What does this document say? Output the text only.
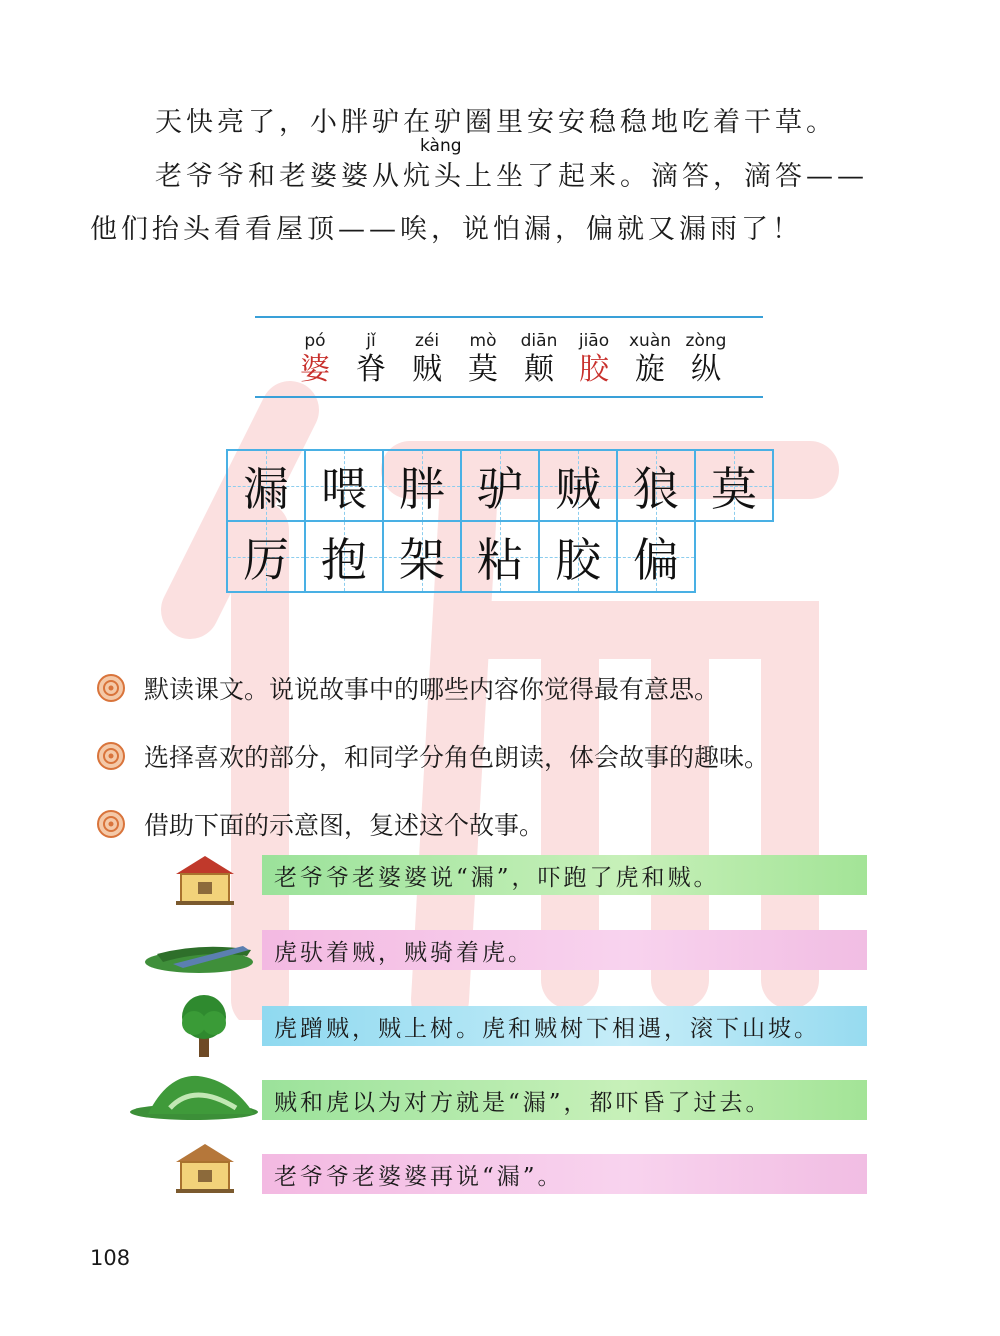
天快亮了，小胖驴在驴圈里安安稳稳地吃着干草。
kàng
老爷爷和老婆婆从炕头上坐了起来。滴答，滴答——
他们抬头看看屋顶——唉，说怕漏，偏就又漏雨了！
pó
婆
jǐ
脊
zéi
贼
mò
莫
diān
颠
jiāo
胶
xuàn
旋
zòng
纵
漏 喂 胖 驴 贼 狼 莫
厉 抱 架 粘 胶 偏
默读课文。说说故事中的哪些内容你觉得最有意思。
选择喜欢的部分，和同学分角色朗读，体会故事的趣味。
借助下面的示意图，复述这个故事。
老爷爷老婆婆说“漏”，吓跑了虎和贼。
虎驮着贼，贼骑着虎。
虎蹭贼，贼上树。虎和贼树下相遇，滚下山坡。
贼和虎以为对方就是“漏”，都吓昏了过去。
老爷爷老婆婆再说“漏”。
108
